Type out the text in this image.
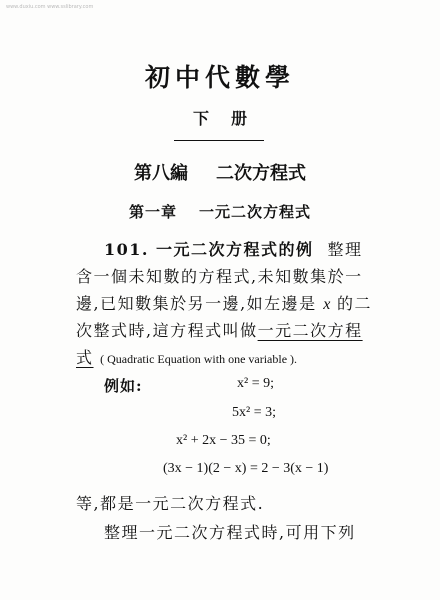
www.duxiu.com www.sslibrary.com
初中代數學
下册
第八編 二次方程式
第一章 一元二次方程式
101. 一元二次方程式的例 整理
含一個未知數的方程式,未知數集於一
邊,已知數集於另一邊,如左邊是 x 的二
次整式時,這方程式叫做一元二次方程
式 ( Quadratic Equation with one variable ).
例如:	x² = 9;
5x² = 3;
x² + 2x − 35 = 0;
(3x − 1)(2 − x) = 2 − 3(x − 1)
等,都是一元二次方程式.
整理一元二次方程式時,可用下列
